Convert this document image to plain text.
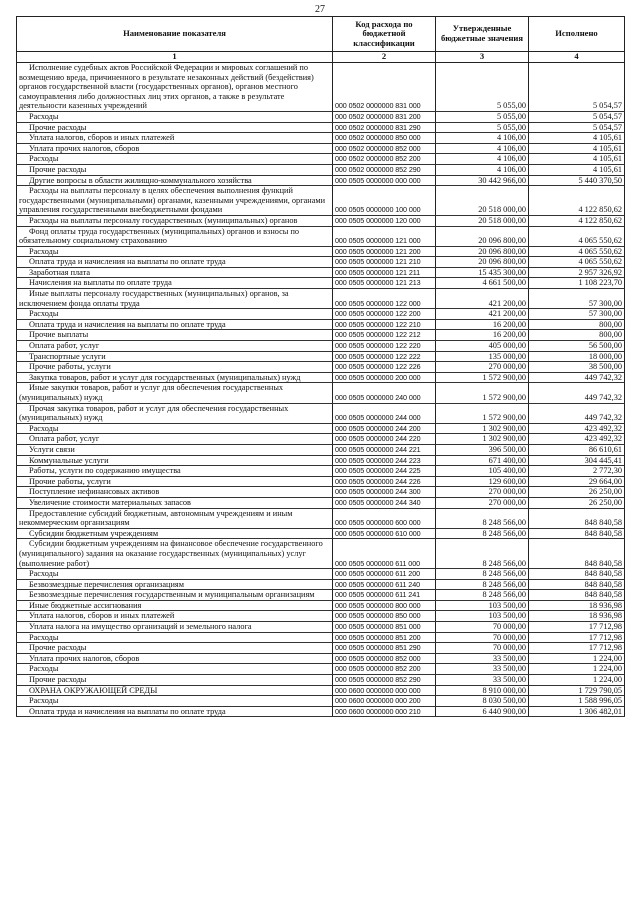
27
Наименование показателя	Код расхода по бюджетной классификации	Утвержденные бюджетные значения	Исполнено
1	2	3	4
Исполнение судебных актов Российской Федерации и мировых соглашений по возмещению вреда, причиненного в результате незаконных действий (бездействия) органов государственной власти (государственных органов), органов местного самоуправления либо должностных лиц этих органов, а также в результате деятельности казенных учреждений	000 0502 0000000 831 000	5 055,00	5 054,57
Расходы	000 0502 0000000 831 200	5 055,00	5 054,57
Прочие расходы	000 0502 0000000 831 290	5 055,00	5 054,57
Уплата налогов, сборов и иных платежей	000 0502 0000000 850 000	4 106,00	4 105,61
Уплата прочих налогов, сборов	000 0502 0000000 852 000	4 106,00	4 105,61
Расходы	000 0502 0000000 852 200	4 106,00	4 105,61
Прочие расходы	000 0502 0000000 852 290	4 106,00	4 105,61
Другие вопросы в области жилищно-коммунального хозяйства	000 0505 0000000 000 000	30 442 966,00	5 440 370,50
Расходы на выплаты персоналу в целях обеспечения выполнения функций государственными (муниципальными) органами, казенными учреждениями, органами управления государственными внебюджетными фондами	000 0505 0000000 100 000	20 518 000,00	4 122 850,62
Расходы на выплаты персоналу государственных (муниципальных) органов	000 0505 0000000 120 000	20 518 000,00	4 122 850,62
Фонд оплаты труда государственных (муниципальных) органов и взносы по обязательному социальному страхованию	000 0505 0000000 121 000	20 096 800,00	4 065 550,62
Расходы	000 0505 0000000 121 200	20 096 800,00	4 065 550,62
Оплата труда и начисления на выплаты по оплате труда	000 0505 0000000 121 210	20 096 800,00	4 065 550,62
Заработная плата	000 0505 0000000 121 211	15 435 300,00	2 957 326,92
Начисления на выплаты по оплате труда	000 0505 0000000 121 213	4 661 500,00	1 108 223,70
Иные выплаты персоналу государственных (муниципальных) органов, за исключением фонда оплаты труда	000 0505 0000000 122 000	421 200,00	57 300,00
Расходы	000 0505 0000000 122 200	421 200,00	57 300,00
Оплата труда и начисления на выплаты по оплате труда	000 0505 0000000 122 210	16 200,00	800,00
Прочие выплаты	000 0505 0000000 122 212	16 200,00	800,00
Оплата работ, услуг	000 0505 0000000 122 220	405 000,00	56 500,00
Транспортные услуги	000 0505 0000000 122 222	135 000,00	18 000,00
Прочие работы, услуги	000 0505 0000000 122 226	270 000,00	38 500,00
Закупка товаров, работ и услуг для государственных (муниципальных) нужд	000 0505 0000000 200 000	1 572 900,00	449 742,32
Иные закупки товаров, работ и услуг для обеспечения государственных (муниципальных) нужд	000 0505 0000000 240 000	1 572 900,00	449 742,32
Прочая закупка товаров, работ и услуг для обеспечения государственных (муниципальных) нужд	000 0505 0000000 244 000	1 572 900,00	449 742,32
Расходы	000 0505 0000000 244 200	1 302 900,00	423 492,32
Оплата работ, услуг	000 0505 0000000 244 220	1 302 900,00	423 492,32
Услуги связи	000 0505 0000000 244 221	396 500,00	86 610,61
Коммунальные услуги	000 0505 0000000 244 223	671 400,00	304 445,41
Работы, услуги по содержанию имущества	000 0505 0000000 244 225	105 400,00	2 772,30
Прочие работы, услуги	000 0505 0000000 244 226	129 600,00	29 664,00
Поступление нефинансовых активов	000 0505 0000000 244 300	270 000,00	26 250,00
Увеличение стоимости материальных запасов	000 0505 0000000 244 340	270 000,00	26 250,00
Предоставление субсидий бюджетным, автономным учреждениям и иным некоммерческим организациям	000 0505 0000000 600 000	8 248 566,00	848 840,58
Субсидии бюджетным учреждениям	000 0505 0000000 610 000	8 248 566,00	848 840,58
Субсидии бюджетным учреждениям на финансовое обеспечение государственного (муниципального) задания на оказание государственных (муниципальных) услуг (выполнение работ)	000 0505 0000000 611 000	8 248 566,00	848 840,58
Расходы	000 0505 0000000 611 200	8 248 566,00	848 840,58
Безвозмездные перечисления организациям	000 0505 0000000 611 240	8 248 566,00	848 840,58
Безвозмездные перечисления государственным и муниципальным организациям	000 0505 0000000 611 241	8 248 566,00	848 840,58
Иные бюджетные ассигнования	000 0505 0000000 800 000	103 500,00	18 936,98
Уплата налогов, сборов и иных платежей	000 0505 0000000 850 000	103 500,00	18 936,98
Уплата налога на имущество организаций и земельного налога	000 0505 0000000 851 000	70 000,00	17 712,98
Расходы	000 0505 0000000 851 200	70 000,00	17 712,98
Прочие расходы	000 0505 0000000 851 290	70 000,00	17 712,98
Уплата прочих налогов, сборов	000 0505 0000000 852 000	33 500,00	1 224,00
Расходы	000 0505 0000000 852 200	33 500,00	1 224,00
Прочие расходы	000 0505 0000000 852 290	33 500,00	1 224,00
ОХРАНА ОКРУЖАЮЩЕЙ СРЕДЫ	000 0600 0000000 000 000	8 910 000,00	1 729 790,05
Расходы	000 0600 0000000 000 200	8 030 500,00	1 588 996,05
Оплата труда и начисления на выплаты по оплате труда	000 0600 0000000 000 210	6 440 900,00	1 306 482,01
